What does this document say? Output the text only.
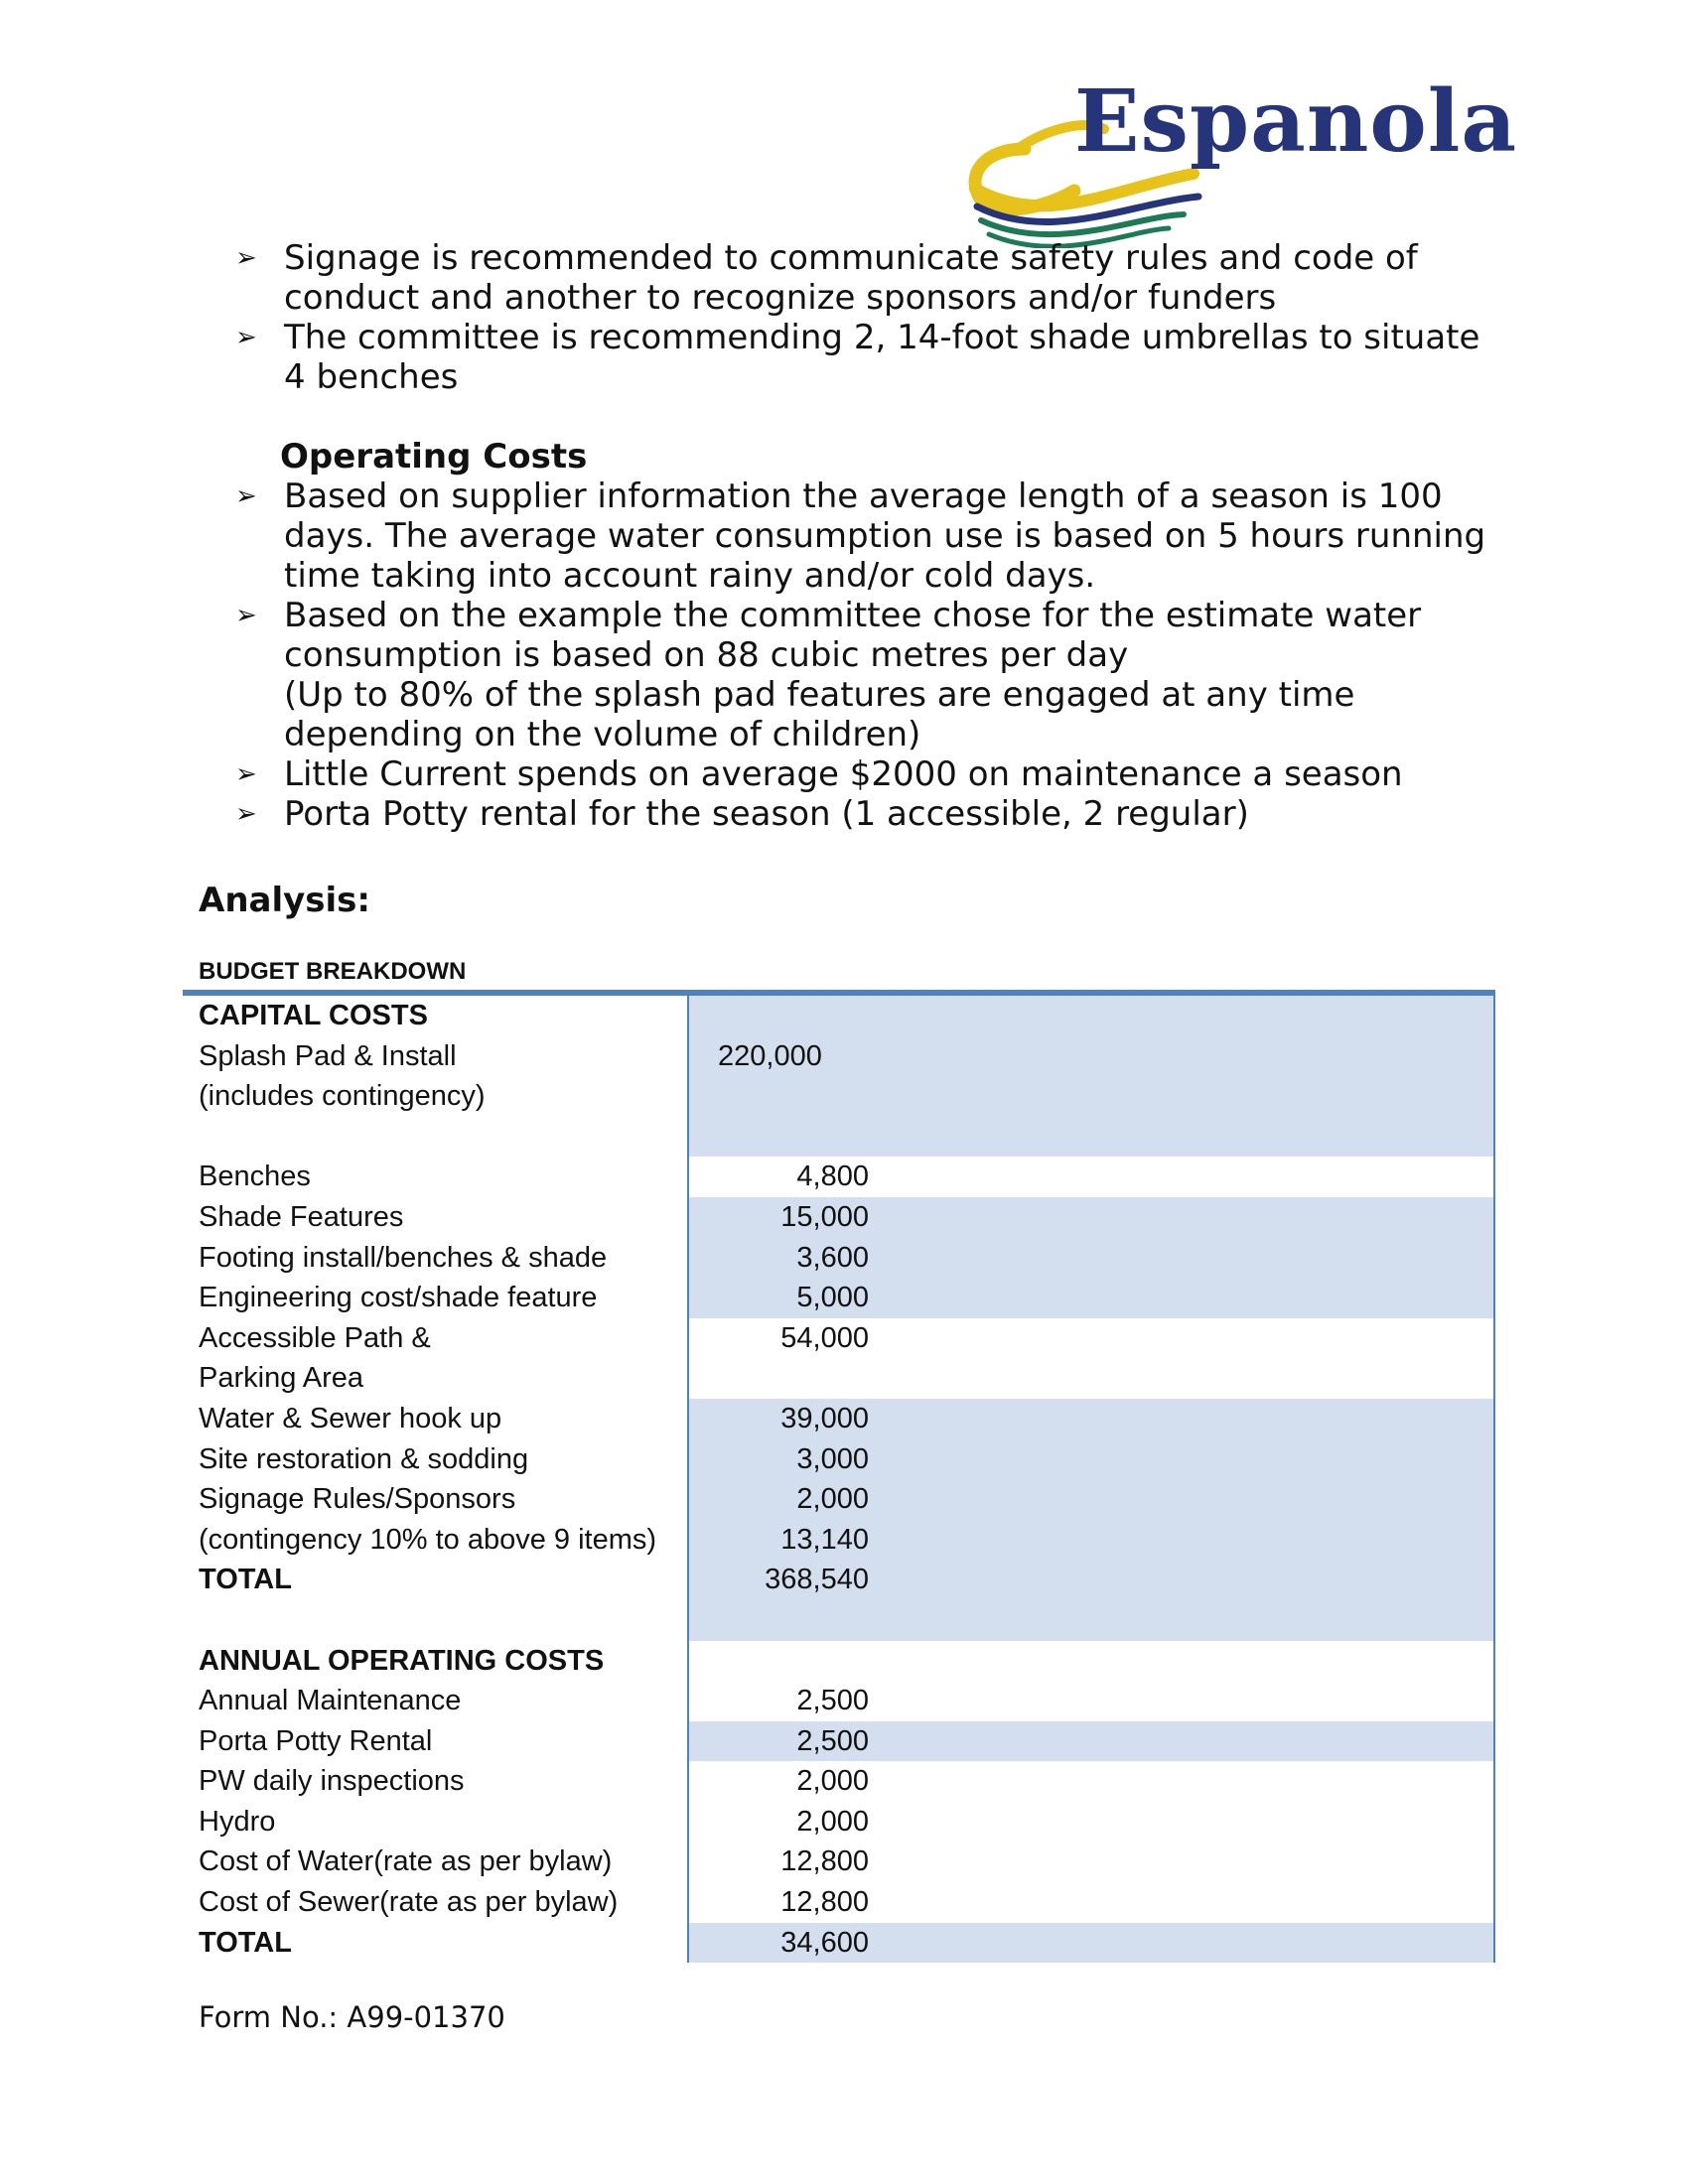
Espanola
➢ Signage is recommended to communicate safety rules and code of
conduct and another to recognize sponsors and/or funders
➢ The committee is recommending 2, 14-foot shade umbrellas to situate
4 benches
Operating Costs
➢ Based on supplier information the average length of a season is 100
days. The average water consumption use is based on 5 hours running
time taking into account rainy and/or cold days.
➢ Based on the example the committee chose for the estimate water
consumption is based on 88 cubic metres per day
(Up to 80% of the splash pad features are engaged at any time
depending on the volume of children)
➢ Little Current spends on average $2000 on maintenance a season
➢ Porta Potty rental for the season (1 accessible, 2 regular)
Analysis:
BUDGET BREAKDOWN
CAPITAL COSTS
Splash Pad & Install	220,000
(includes contingency)
Benches	4,800
Shade Features	15,000
Footing install/benches & shade	3,600
Engineering cost/shade feature	5,000
Accessible Path &	54,000
Parking Area
Water & Sewer hook up	39,000
Site restoration & sodding	3,000
Signage Rules/Sponsors	2,000
(contingency 10% to above 9 items)	13,140
TOTAL	368,540
ANNUAL OPERATING COSTS
Annual Maintenance	2,500
Porta Potty Rental	2,500
PW daily inspections	2,000
Hydro	2,000
Cost of Water(rate as per bylaw)	12,800
Cost of Sewer(rate as per bylaw)	12,800
TOTAL	34,600
Form No.: A99-01370
